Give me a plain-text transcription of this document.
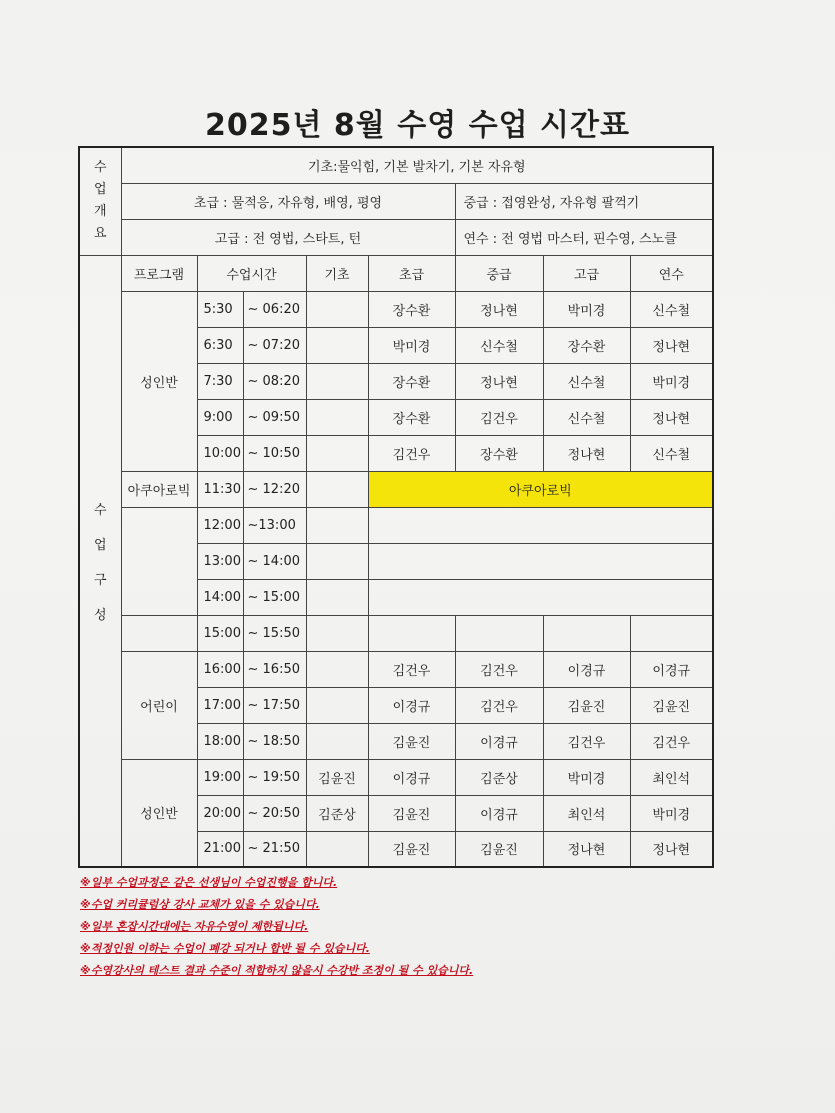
2025년 8월 수영 수업 시간표
수
업
개
요	기초:물익힘, 기본 발차기, 기본 자유형							
	초급 : 물적응, 자유형, 배영, 평영					중급 : 접영완성, 자유형 팔꺽기		
	고급 : 전 영법, 스타트, 턴					연수 : 전 영법 마스터, 핀수영, 스노클		

수
업
구
성	프로그램	수업시간		기초	초급	중급	고급	연수
	성인반	5:30	~ 06:20		장수환	정나현	박미경	신수철
		6:30	~ 07:20		박미경	신수철	장수환	정나현
		7:30	~ 08:20		장수환	정나현	신수철	박미경
		9:00	~ 09:50		장수환	김건우	신수철	정나현
		10:00	~ 10:50		김건우	장수환	정나현	신수철
	아쿠아로빅	11:30	~ 12:20		아쿠아로빅			
		12:00	~13:00					
		13:00	~ 14:00					
		14:00	~ 15:00					
		15:00	~ 15:50					
	어린이	16:00	~ 16:50		김건우	김건우	이경규	이경규
		17:00	~ 17:50		이경규	김건우	김윤진	김윤진
		18:00	~ 18:50		김윤진	이경규	김건우	김건우
	성인반	19:00	~ 19:50	김윤진	이경규	김준상	박미경	최인석
		20:00	~ 20:50	김준상	김윤진	이경규	최인석	박미경
		21:00	~ 21:50		김윤진	김윤진	정나현	정나현
※일부 수업과정은 같은 선생님이 수업진행을 합니다.
※수업 커리큘럼상 강사 교체가 있을 수 있습니다.
※일부 혼잡시간대에는 자유수영이 제한됩니다.
※적정인원 이하는 수업이 폐강 되거나 합반 될 수 있습니다.
※수영강사의 테스트 결과 수준이 적합하지 않을시 수강반 조정이 될 수 있습니다.
